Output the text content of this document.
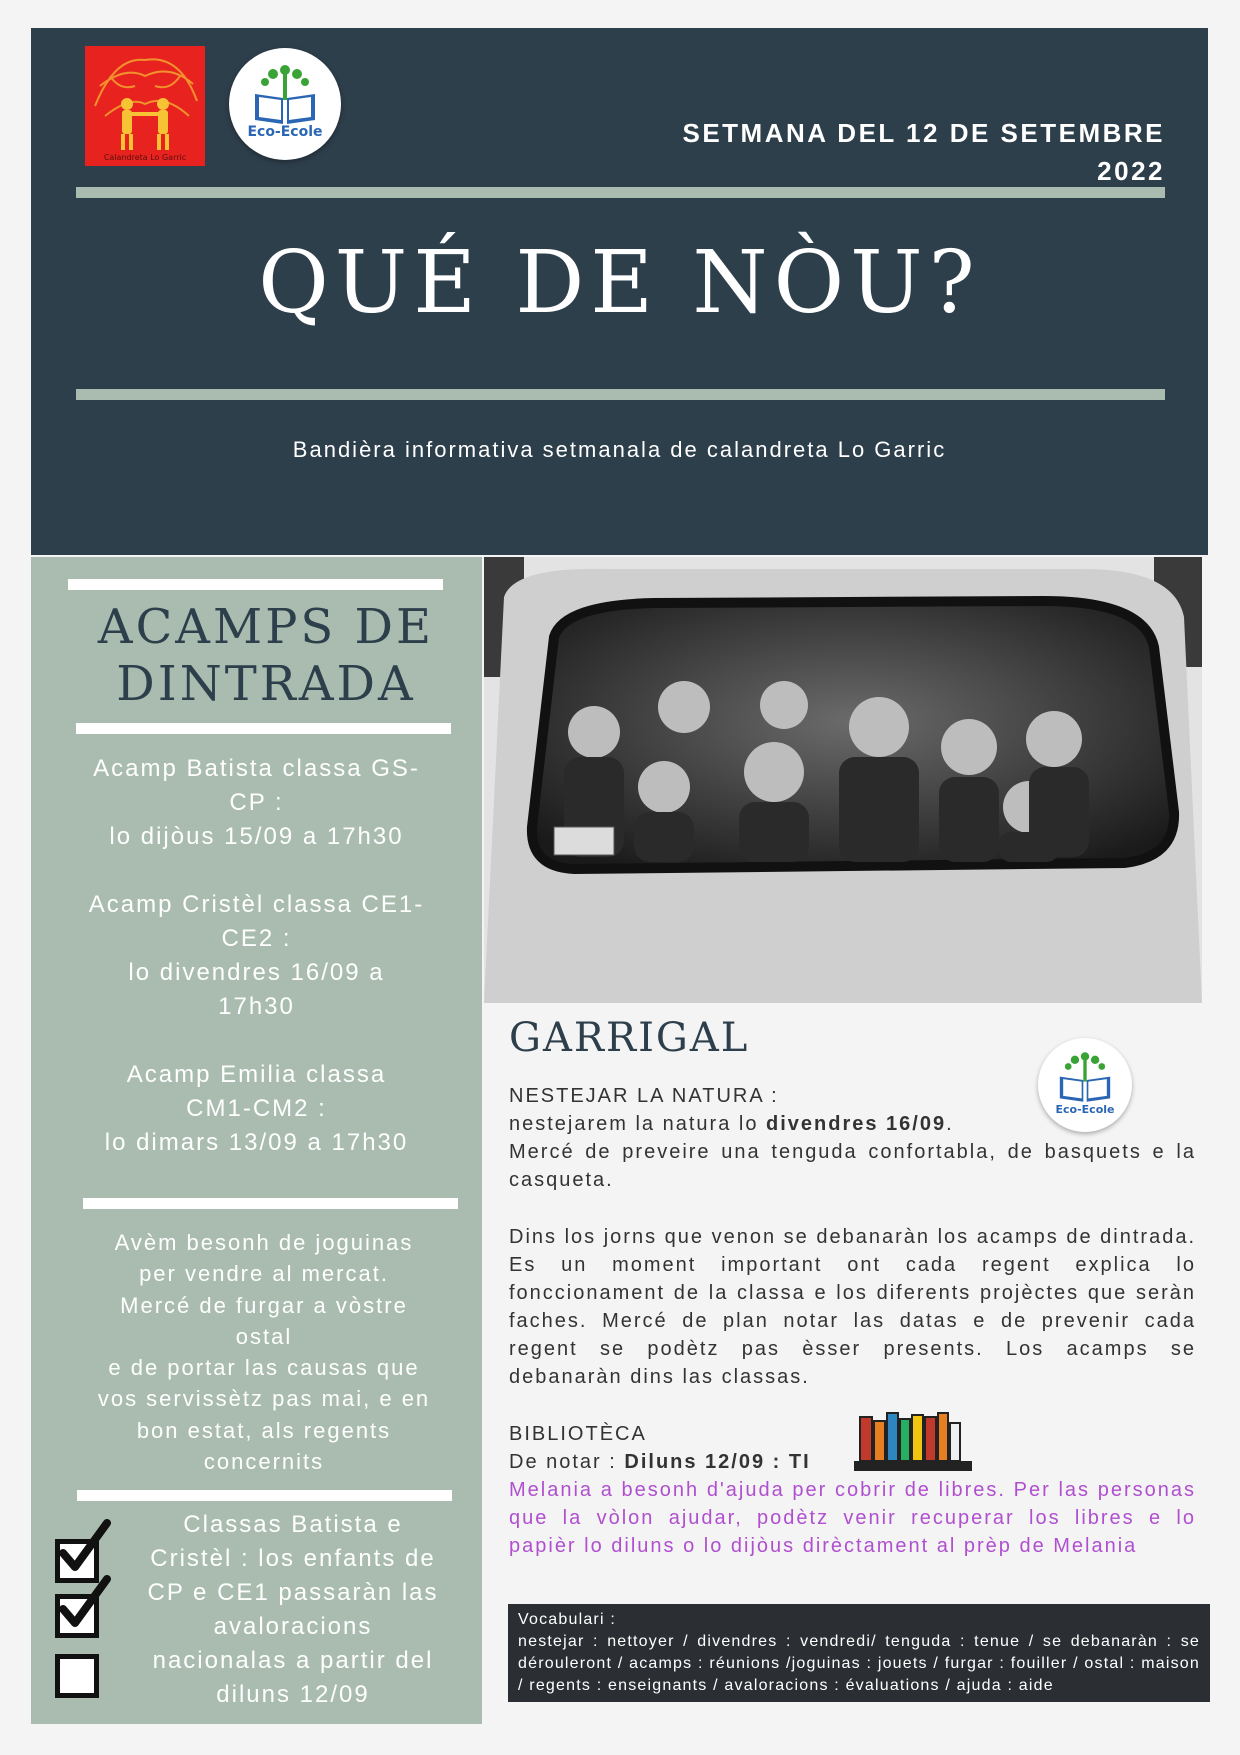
Calandreta Lo Garric
Eco-Ecole	SETMANA DEL 12 DE SETEMBRE
2022
QUÉ DE NÒU?
Bandièra informativa setmanala de calandreta Lo Garric
ACAMPS DE
DINTRADA
Acamp Batista classa GS-
CP :
lo dijòus 15/09 a 17h30
Acamp Cristèl classa CE1-
CE2 :
lo divendres 16/09 a
17h30
Acamp Emilia classa
CM1-CM2 :
lo dimars 13/09 a 17h30
Avèm besonh de joguinas
per vendre al mercat.
Mercé de furgar a vòstre
ostal
e de portar las causas que
vos servissètz pas mai, e en
bon estat, als regents
concernits
Classas Batista e
Cristèl : los enfants de
CP e CE1 passaràn las
avaloracions
nacionalas a partir del
diluns 12/09
GARRIGAL
Eco-Ecole
NESTEJAR LA NATURA :
nestejarem la natura lo divendres 16/09.
Mercé de preveire una tenguda confortabla, de basquets e la casqueta.
Dins los jorns que venon se debanaràn los acamps de dintrada. Es un moment important ont cada regent explica lo fonccionament de la classa e los diferents projèctes que seràn faches. Mercé de plan notar las datas e de prevenir cada regent se podètz pas èsser presents. Los acamps se debanaràn dins las classas.
BIBLIOTÈCA
De notar : Diluns 12/09 : TI
Melania a besonh d'ajuda per cobrir de libres. Per las personas que la vòlon ajudar, podètz venir recuperar los libres e lo papièr lo diluns o lo dijòus dirèctament al prèp de Melania
Vocabulari :
nestejar : nettoyer / divendres : vendredi/ tenguda : tenue / se debanaràn : se dérouleront / acamps : réunions /joguinas : jouets / furgar : fouiller / ostal : maison / regents : enseignants / avaloracions : évaluations / ajuda : aide
